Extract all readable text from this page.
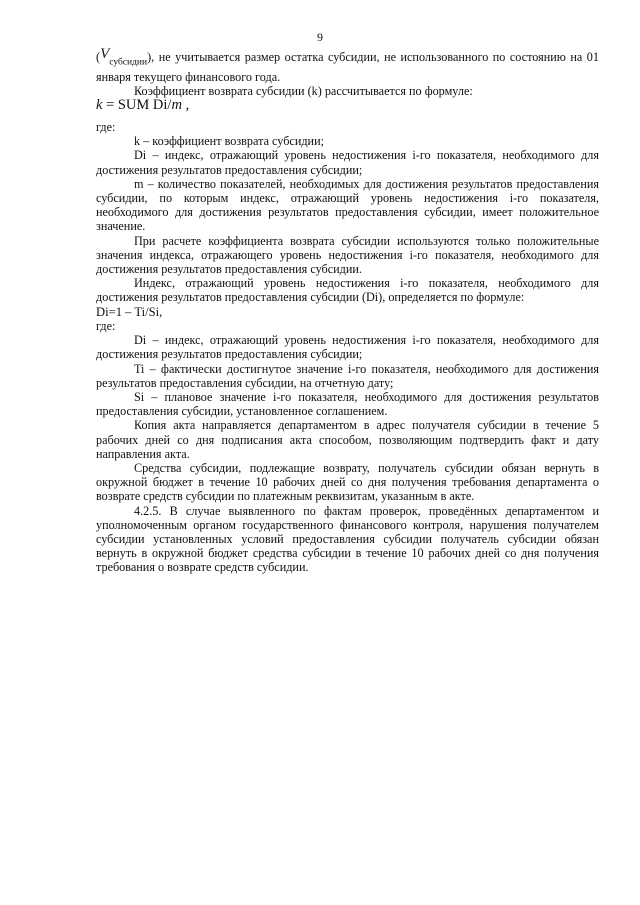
9

$(V_{субсидии})$, не учитывается размер остатка субсидии, не использованного по состоянию на 01 января текущего финансового года.

Коэффициент возврата субсидии (k) рассчитывается по формуле:

k = SUM Di/m ,

где:

k – коэффициент возврата субсидии;

Di – индекс, отражающий уровень недостижения i-го показателя, необходимого для достижения результатов предоставления субсидии;

m – количество показателей, необходимых для достижения результатов предоставления субсидии, по которым индекс, отражающий уровень недостижения i-го показателя, необходимого для достижения результатов предоставления субсидии, имеет положительное значение.

При расчете коэффициента возврата субсидии используются только положительные значения индекса, отражающего уровень недостижения i-го показателя, необходимого для достижения результатов предоставления субсидии.

Индекс, отражающий уровень недостижения i-го показателя, необходимого для достижения результатов предоставления субсидии (Di), определяется по формуле:

Di=1 – Ti/Si,

где:

Di – индекс, отражающий уровень недостижения i-го показателя, необходимого для достижения результатов предоставления субсидии;

Ti – фактически достигнутое значение i-го показателя, необходимого для достижения результатов предоставления субсидии, на отчетную дату;

Si – плановое значение i-го показателя, необходимого для достижения результатов предоставления субсидии, установленное соглашением.

Копия акта направляется департаментом в адрес получателя субсидии в течение 5 рабочих дней со дня подписания акта способом, позволяющим подтвердить факт и дату направления акта.

Средства субсидии, подлежащие возврату, получатель субсидии обязан вернуть в окружной бюджет в течение 10 рабочих дней со дня получения требования департамента о возврате средств субсидии по платежным реквизитам, указанным в акте.

4.2.5. В случае выявленного по фактам проверок, проведённых департаментом и уполномоченным органом государственного финансового контроля, нарушения получателем субсидии установленных условий предоставления субсидии получатель субсидии обязан вернуть в окружной бюджет средства субсидии в течение 10 рабочих дней со дня получения требования о возврате средств субсидии.
